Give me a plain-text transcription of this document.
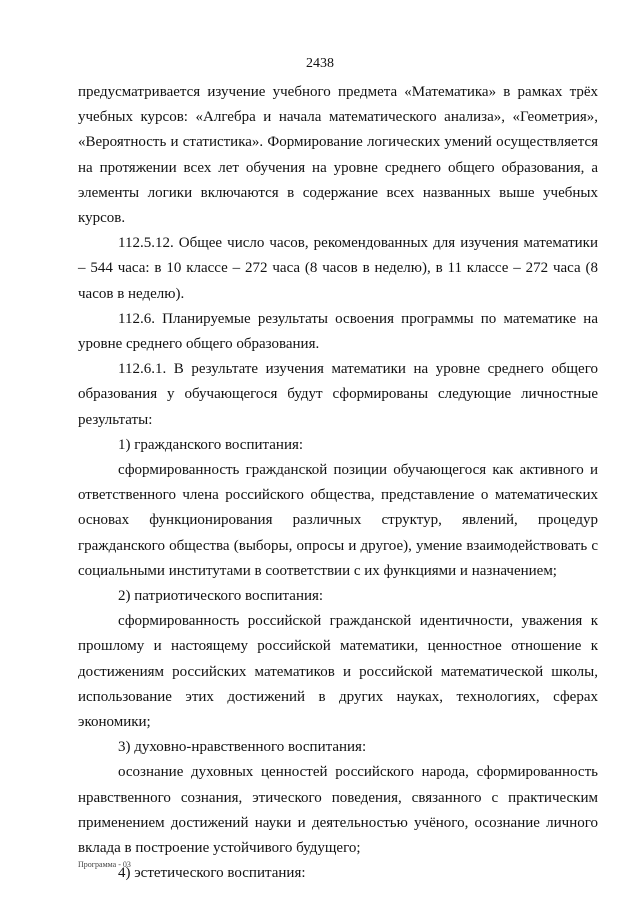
2438

предусматривается изучение учебного предмета «Математика» в рамках трёх учебных курсов: «Алгебра и начала математического анализа», «Геометрия», «Вероятность и статистика». Формирование логических умений осуществляется на протяжении всех лет обучения на уровне среднего общего образования, а элементы логики включаются в содержание всех названных выше учебных курсов.

112.5.12. Общее число часов, рекомендованных для изучения математики – 544 часа: в 10 классе – 272 часа (8 часов в неделю), в 11 классе – 272 часа (8 часов в неделю).

112.6. Планируемые результаты освоения программы по математике на уровне среднего общего образования.

112.6.1. В результате изучения математики на уровне среднего общего образования у обучающегося будут сформированы следующие личностные результаты:

1) гражданского воспитания:

сформированность гражданской позиции обучающегося как активного и ответственного члена российского общества, представление о математических основах функционирования различных структур, явлений, процедур гражданского общества (выборы, опросы и другое), умение взаимодействовать с социальными институтами в соответствии с их функциями и назначением;

2) патриотического воспитания:

сформированность российской гражданской идентичности, уважения к прошлому и настоящему российской математики, ценностное отношение к достижениям российских математиков и российской математической школы, использование этих достижений в других науках, технологиях, сферах экономики;

3) духовно-нравственного воспитания:

осознание духовных ценностей российского народа, сформированность нравственного сознания, этического поведения, связанного с практическим применением достижений науки и деятельностью учёного, осознание личного вклада в построение устойчивого будущего;

4) эстетического воспитания:

Программа - 03
